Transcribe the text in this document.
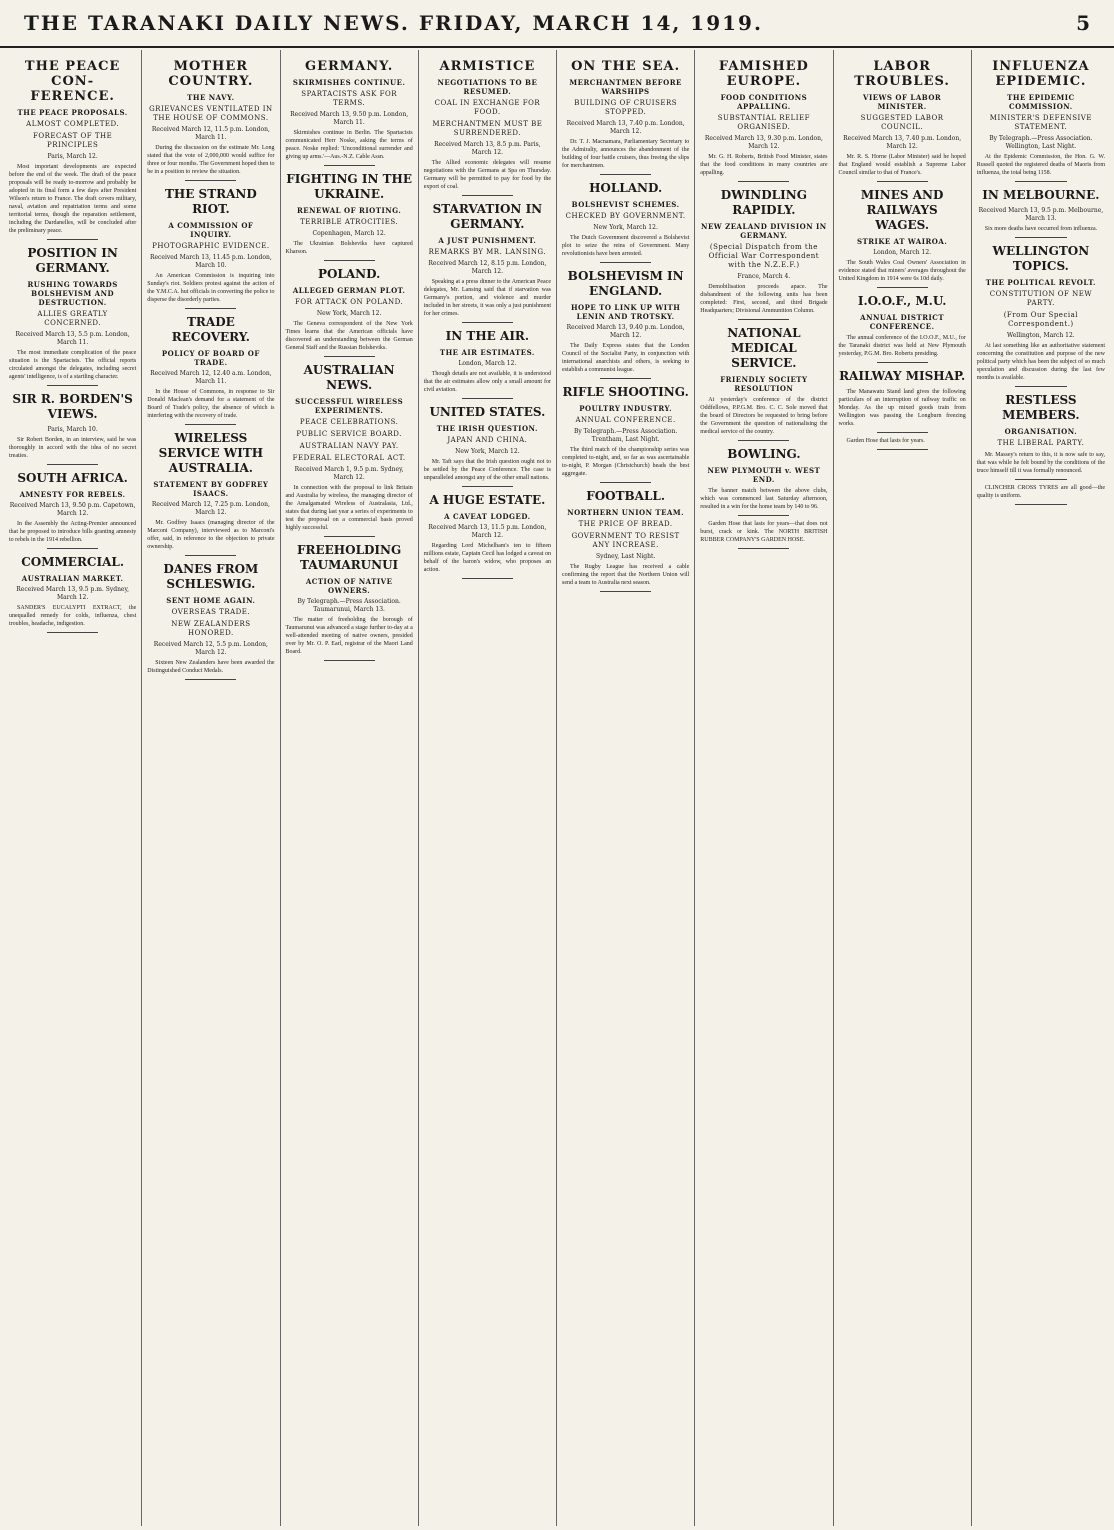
THE TARANAKI DAILY NEWS. FRIDAY, MARCH 14, 1919.	5
THE PEACE CON-FERENCE.
THE PEACE PROPOSALS.
ALMOST COMPLETED.
FORECAST OF THE PRINCIPLES
Paris, March 12.

Most important developments are expected before the end of the week. The draft of the peace proposals will be ready to-morrow and probably be adopted in its final form a few days after President Wilson's return to France. The draft covers military, naval, aviation and repatriation terms and some territorial terms, though the reparation settlement, including the Dardanelles, will be concluded after the preliminary peace.

POSITION IN GERMANY.
RUSHING TOWARDS BOLSHEVISM AND DESTRUCTION.
ALLIES GREATLY CONCERNED.
Received March 13, 5.5 p.m. London, March 11.

The most immediate complication of the peace situation is the Spartacists. The official reports circulated amongst the delegates, including secret agents' intelligence, is of a startling character.

SIR R. BORDEN'S VIEWS.
Paris, March 10.

Sir Robert Borden, in an interview, said he was thoroughly in accord with the idea of no secret treaties.

SOUTH AFRICA.
AMNESTY FOR REBELS.
Received March 13, 9.50 p.m. Capetown, March 12.

In the Assembly the Acting-Premier announced that he proposed to introduce bills granting amnesty to rebels in the 1914 rebellion.

COMMERCIAL.
AUSTRALIAN MARKET.
Received March 13, 9.5 p.m. Sydney, March 12.

SANDER'S EUCALYPTI EXTRACT, the unequalled remedy for colds, influenza, chest troubles, headache, indigestion.

MOTHER COUNTRY.
THE NAVY.
GRIEVANCES VENTILATED IN THE HOUSE OF COMMONS.
Received March 12, 11.5 p.m. London, March 11.

During the discussion on the estimate Mr. Long stated that the vote of 2,000,000 would suffice for three or four months. The Government hoped then to be in a position to review the situation.

THE STRAND RIOT.
A COMMISSION OF INQUIRY.
PHOTOGRAPHIC EVIDENCE.
Received March 13, 11.45 p.m. London, March 10.

An American Commission is inquiring into Sunday's riot. Soldiers protest against the action of the Y.M.C.A. hut officials in converting the police to disperse the disorderly parties.

TRADE RECOVERY.
POLICY OF BOARD OF TRADE.
Received March 12, 12.40 a.m. London, March 11.

In the House of Commons, in response to Sir Donald Maclean's demand for a statement of the Board of Trade's policy, the absence of which is interfering with the recovery of trade.

WIRELESS SERVICE WITH AUSTRALIA.
STATEMENT BY GODFREY ISAACS.
Received March 12, 7.25 p.m. London, March 12.

Mr. Godfrey Isaacs (managing director of the Marconi Company), interviewed as to Marconi's offer, said, in reference to the objection to private ownership.

DANES FROM SCHLESWIG.
SENT HOME AGAIN.
OVERSEAS TRADE.
NEW ZEALANDERS HONORED.
Received March 12, 5.5 p.m. London, March 12.

Sixteen New Zealanders have been awarded the Distinguished Conduct Medals.

GERMANY.
SKIRMISHES CONTINUE.
SPARTACISTS ASK FOR TERMS.
Received March 13, 9.50 p.m. London, March 11.

Skirmishes continue in Berlin. The Spartacists communicated Herr Noske, asking the terms of peace. Noske replied: 'Unconditional surrender and giving up arms.'—Aus.-N.Z. Cable Assn.

FIGHTING IN THE UKRAINE.
RENEWAL OF RIOTING.
TERRIBLE ATROCITIES.
Copenhagen, March 12.

The Ukrainian Bolsheviks have captured Kharson.

POLAND.
ALLEGED GERMAN PLOT.
FOR ATTACK ON POLAND.
New York, March 12.

The Geneva correspondent of the New York Times learns that the American officials have discovered an understanding between the German General Staff and the Russian Bolsheviks.

AUSTRALIAN NEWS.
SUCCESSFUL WIRELESS EXPERIMENTS.
PEACE CELEBRATIONS.
PUBLIC SERVICE BOARD.
AUSTRALIAN NAVY PAY.
FEDERAL ELECTORAL ACT.
Received March 1, 9.5 p.m. Sydney, March 12.

In connection with the proposal to link Britain and Australia by wireless, the managing director of the Amalgamated Wireless of Australasia, Ltd., states that during last year a series of experiments to test the proposal on a commercial basis proved highly successful.

FREEHOLDING TAUMARUNUI
ACTION OF NATIVE OWNERS.
By Telegraph.—Press Association. Taumarunui, March 13.

The matter of freeholding the borough of Taumarunui was advanced a stage further to-day at a well-attended meeting of native owners, presided over by Mr. O. P. Earl, registrar of the Maori Land Board.

ARMISTICE
NEGOTIATIONS TO BE RESUMED.
COAL IN EXCHANGE FOR FOOD.
MERCHANTMEN MUST BE SURRENDERED.
Received March 13, 8.5 p.m. Paris, March 12.

The Allied economic delegates will resume negotiations with the Germans at Spa on Thursday. Germany will be permitted to pay for food by the export of coal.

STARVATION IN GERMANY.
A JUST PUNISHMENT.
REMARKS BY MR. LANSING.
Received March 12, 8.15 p.m. London, March 12.

Speaking at a press dinner to the American Peace delegates, Mr. Lansing said that if starvation was Germany's portion, and violence and murder included in her streets, it was only a just punishment for her crimes.

IN THE AIR.
THE AIR ESTIMATES.
London, March 12.

Though details are not available, it is understood that the air estimates allow only a small amount for civil aviation.

UNITED STATES.
THE IRISH QUESTION.
JAPAN AND CHINA.
New York, March 12.

Mr. Taft says that the Irish question ought not to be settled by the Peace Conference. The case is unparalleled amongst any of the other small nations.

A HUGE ESTATE.
A CAVEAT LODGED.
Received March 13, 11.5 p.m. London, March 12.

Regarding Lord Michelham's ten to fifteen millions estate, Captain Cecil has lodged a caveat on behalf of the baron's widow, who proposes an action.

ON THE SEA.
MERCHANTMEN BEFORE WARSHIPS
BUILDING OF CRUISERS STOPPED.
Received March 13, 7.40 p.m. London, March 12.

Dr. T. J. Macnamara, Parliamentary Secretary to the Admiralty, announces the abandonment of the building of four battle cruisers, thus freeing the slips for merchantmen.

HOLLAND.
BOLSHEVIST SCHEMES.
CHECKED BY GOVERNMENT.
New York, March 12.

The Dutch Government discovered a Bolshevist plot to seize the reins of Government. Many revolutionists have been arrested.

BOLSHEVISM IN ENGLAND.
HOPE TO LINK UP WITH LENIN AND TROTSKY.
Received March 13, 9.40 p.m. London, March 12.

The Daily Express states that the London Council of the Socialist Party, in conjunction with international anarchists and others, is seeking to establish a communist league.

RIFLE SHOOTING.
POULTRY INDUSTRY.
ANNUAL CONFERENCE.
By Telegraph.—Press Association. Trentham, Last Night.

The third match of the championship series was completed to-night, and, so far as was ascertainable to-night, P. Morgan (Christchurch) heads the best aggregate.

FOOTBALL.
NORTHERN UNION TEAM.
THE PRICE OF BREAD.
GOVERNMENT TO RESIST ANY INCREASE.
Sydney, Last Night.

The Rugby League has received a cable confirming the report that the Northern Union will send a team to Australia next season.

FAMISHED EUROPE.
FOOD CONDITIONS APPALLING.
SUBSTANTIAL RELIEF ORGANISED.
Received March 13, 9.30 p.m. London, March 12.

Mr. G. H. Roberts, British Food Minister, states that the food conditions in many countries are appalling.

DWINDLING RAPIDLY.
NEW ZEALAND DIVISION IN GERMANY.
(Special Dispatch from the Official War Correspondent with the N.Z.E.F.)
France, March 4.

Demobilisation proceeds apace. The disbandment of the following units has been completed: First, second, and third Brigade Headquarters; Divisional Ammunition Column.

NATIONAL MEDICAL SERVICE.
FRIENDLY SOCIETY RESOLUTION

At yesterday's conference of the district Oddfellows, P.P.G.M. Bro. C. C. Sole moved that the board of Directors be requested to bring before the Government the question of nationalising the medical service of the country.

BOWLING.
NEW PLYMOUTH v. WEST END.

The banner match between the above clubs, which was commenced last Saturday afternoon, resulted in a win for the home team by 140 to 96.

Garden Hose that lasts for years—that does not burst, crack or kink. The NORTH BRITISH RUBBER COMPANY'S GARDEN HOSE.

LABOR TROUBLES.
VIEWS OF LABOR MINISTER.
SUGGESTED LABOR COUNCIL.
Received March 13, 7.40 p.m. London, March 12.

Mr. R. S. Horne (Labor Minister) said he hoped that England would establish a Supreme Labor Council similar to that of France's.

MINES AND RAILWAYS WAGES.
STRIKE AT WAIROA.
London, March 12.

The South Wales Coal Owners' Association in evidence stated that miners' averages throughout the United Kingdom in 1914 were 6s 10d daily.

I.O.O.F., M.U.
ANNUAL DISTRICT CONFERENCE.

The annual conference of the I.O.O.F., M.U., for the Taranaki district was held at New Plymouth yesterday, P.G.M. Bro. Roberts presiding.

RAILWAY MISHAP.

The Manawatu Stand land gives the following particulars of an interruption of railway traffic on Monday. As the up mixed goods train from Wellington was passing the Longburn freezing works.

Garden Hose that lasts for years.

INFLUENZA EPIDEMIC.
THE EPIDEMIC COMMISSION.
MINISTER'S DEFENSIVE STATEMENT.
By Telegraph.—Press Association. Wellington, Last Night.

At the Epidemic Commission, the Hon. G. W. Russell quoted the registered deaths of Maoris from influenza, the total being 1158.

IN MELBOURNE.
Received March 13, 9.5 p.m. Melbourne, March 13.

Six more deaths have occurred from influenza.

WELLINGTON TOPICS.
THE POLITICAL REVOLT.
CONSTITUTION OF NEW PARTY.
(From Our Special Correspondent.)
Wellington, March 12.

At last something like an authoritative statement concerning the constitution and purpose of the new political party which has been the subject of so much speculation and discussion during the last few months is available.

RESTLESS MEMBERS.
ORGANISATION.
THE LIBERAL PARTY.

Mr. Massey's return to this, it is now safe to say, that was while he felt bound by the conditions of the truce himself till it was formally renounced.

CLINCHER CROSS TYRES are all good—the quality is uniform.
